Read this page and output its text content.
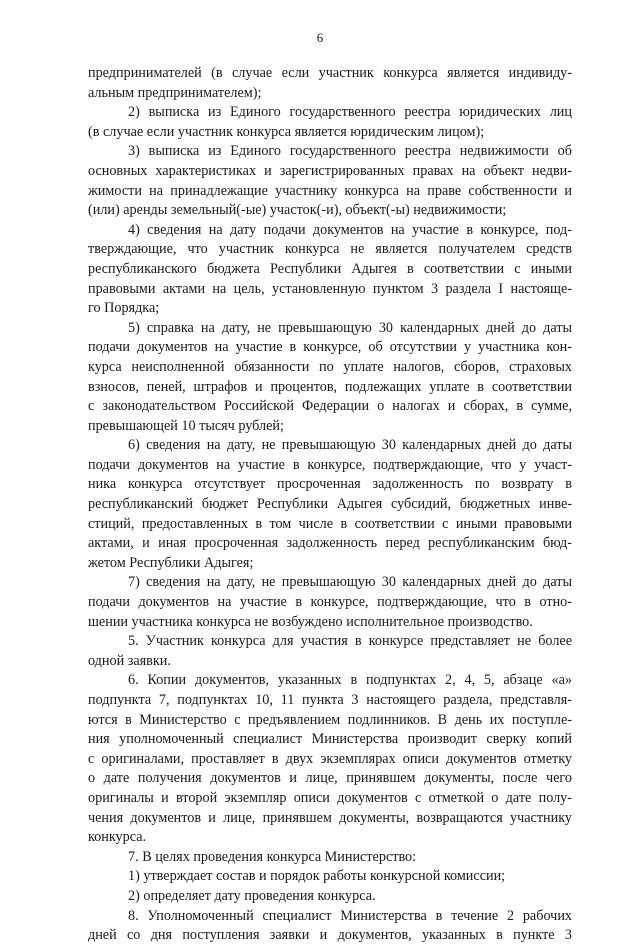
6
предпринимателей (в случае если участник конкурса является индивиду-
альным предпринимателем);
2) выписка из Единого государственного реестра юридических лиц
(в случае если участник конкурса является юридическим лицом);
3) выписка из Единого государственного реестра недвижимости об
основных характеристиках и зарегистрированных правах на объект недви-
жимости на принадлежащие участнику конкурса на праве собственности и
(или) аренды земельный(-ые) участок(-и), объект(-ы) недвижимости;
4) сведения на дату подачи документов на участие в конкурсе, под-
тверждающие, что участник конкурса не является получателем средств
республиканского бюджета Республики Адыгея в соответствии с иными
правовыми актами на цель, установленную пунктом 3 раздела I настояще-
го Порядка;
5) справка на дату, не превышающую 30 календарных дней до даты
подачи документов на участие в конкурсе, об отсутствии у участника кон-
курса неисполненной обязанности по уплате налогов, сборов, страховых
взносов, пеней, штрафов и процентов, подлежащих уплате в соответствии
с законодательством Российской Федерации о налогах и сборах, в сумме,
превышающей 10 тысяч рублей;
6) сведения на дату, не превышающую 30 календарных дней до даты
подачи документов на участие в конкурсе, подтверждающие, что у участ-
ника конкурса отсутствует просроченная задолженность по возврату в
республиканский бюджет Республики Адыгея субсидий, бюджетных инве-
стиций, предоставленных в том числе в соответствии с иными правовыми
актами, и иная просроченная задолженность перед республиканским бюд-
жетом Республики Адыгея;
7) сведения на дату, не превышающую 30 календарных дней до даты
подачи документов на участие в конкурсе, подтверждающие, что в отно-
шении участника конкурса не возбуждено исполнительное производство.
5. Участник конкурса для участия в конкурсе представляет не более
одной заявки.
6. Копии документов, указанных в подпунктах 2, 4, 5, абзаце «а»
подпункта 7, подпунктах 10, 11 пункта 3 настоящего раздела, представля-
ются в Министерство с предъявлением подлинников. В день их поступле-
ния уполномоченный специалист Министерства производит сверку копий
с оригиналами, проставляет в двух экземплярах описи документов отметку
о дате получения документов и лице, принявшем документы, после чего
оригиналы и второй экземпляр описи документов с отметкой о дате полу-
чения документов и лице, принявшем документы, возвращаются участнику
конкурса.
7. В целях проведения конкурса Министерство:
1) утверждает состав и порядок работы конкурсной комиссии;
2) определяет дату проведения конкурса.
8. Уполномоченный специалист Министерства в течение 2 рабочих
дней со дня поступления заявки и документов, указанных в пункте 3
